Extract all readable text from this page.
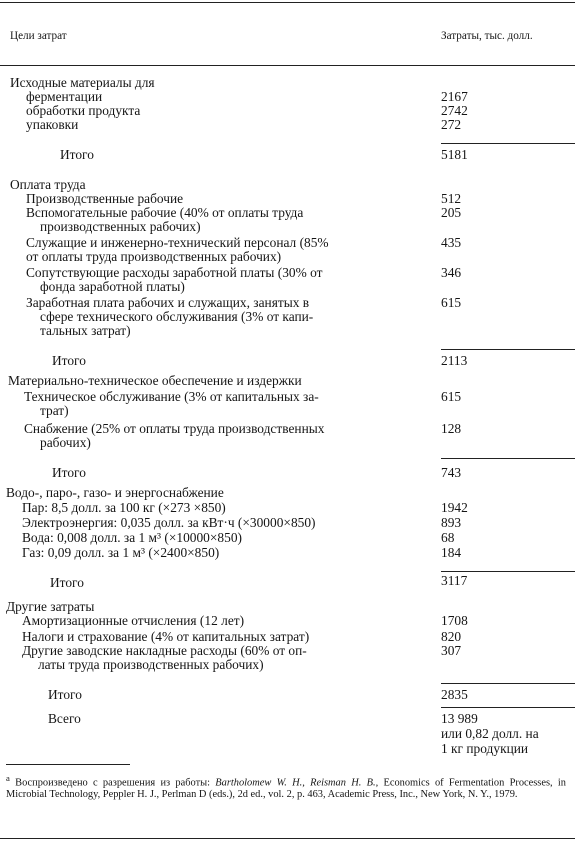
Цели затрат	Затраты, тыс. долл.
Исходные материалы для
ферментации
обработки продукта
упаковки
Итого
Оплата труда
Производственные рабочие
Вспомогательные рабочие (40% от оплаты труда
производственных рабочих)
Служащие и инженерно-технический персонал (85%
от оплаты труда производственных рабочих)
Сопутствующие расходы заработной платы (30% от
фонда заработной платы)
Заработная плата рабочих и служащих, занятых в
сфере технического обслуживания (3% от капи-
тальных затрат)
Итого
Материально-техническое обеспечение и издержки
Техническое обслуживание (3% от капитальных за-
трат)
Снабжение (25% от оплаты труда производственных
рабочих)
Итого
Водо-, паро-, газо- и энергоснабжение
Пар: 8,5 долл. за 100 кг (×273 ×850)
Электроэнергия: 0,035 долл. за кВт·ч (×30000×850)
Вода: 0,008 долл. за 1 м³ (×10000×850)
Газ: 0,09 долл. за 1 м³ (×2400×850)
Итого
Другие затраты
Амортизационные отчисления (12 лет)
Налоги и страхование (4% от капитальных затрат)
Другие заводские накладные расходы (60% от оп-
латы труда производственных рабочих)
Итого
Всего
2167
2742
272
5181
512
205
435
346
615
2113
615
128
743
1942
893
68
184
3117
1708
820
307
2835
13 989
или 0,82 долл. на
1 кг продукции
$^а$ Воспроизведено с разрешения из работы: Bartholomew W. H., Reisman H. B., Economics of Fermentation Processes, in Microbial Technology, Peppler H. J., Perlman D (eds.), 2d ed., vol. 2, p. 463, Academic Press, Inc., New York, N. Y., 1979.
